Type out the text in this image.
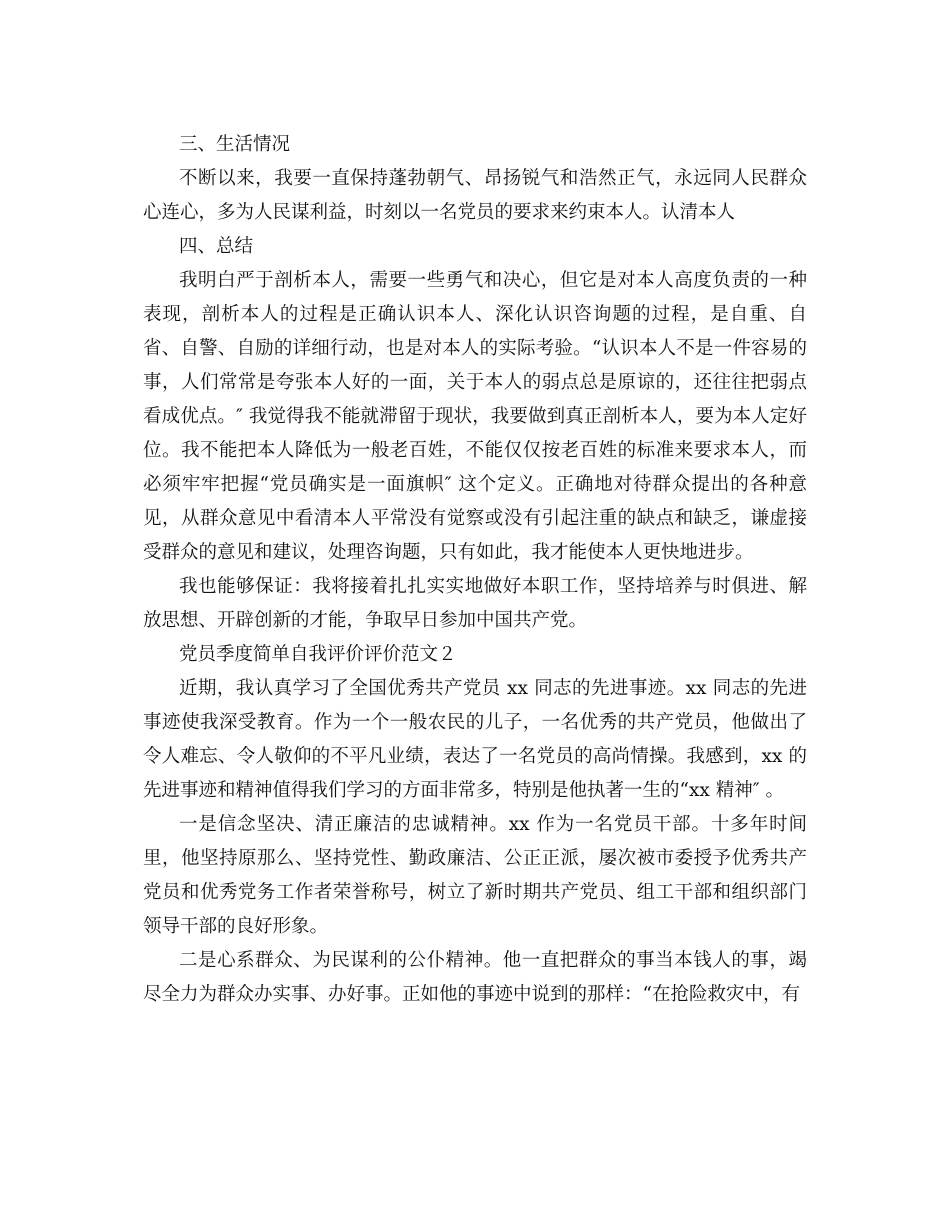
三、生活情况

不断以来，我要一直保持蓬勃朝气、昂扬锐气和浩然正气，永远同人民群众心连心，多为人民谋利益，时刻以一名党员的要求来约束本人。认清本人

四、总结

我明白严于剖析本人，需要一些勇气和决心，但它是对本人高度负责的一种表现，剖析本人的过程是正确认识本人、深化认识咨询题的过程，是自重、自省、自警、自励的详细行动，也是对本人的实际考验。“认识本人不是一件容易的事，人们常常是夸张本人好的一面，关于本人的弱点总是原谅的，还往往把弱点看成优点。″ 我觉得我不能就滞留于现状，我要做到真正剖析本人，要为本人定好位。我不能把本人降低为一般老百姓，不能仅仅按老百姓的标准来要求本人，而必须牢牢把握“党员确实是一面旗帜″ 这个定义。正确地对待群众提出的各种意见，从群众意见中看清本人平常没有觉察或没有引起注重的缺点和缺乏，谦虚接受群众的意见和建议，处理咨询题，只有如此，我才能使本人更快地进步。

我也能够保证：我将接着扎扎实实地做好本职工作，坚持培养与时俱进、解放思想、开辟创新的才能，争取早日参加中国共产党。

党员季度简单自我评价评价范文２

近期，我认真学习了全国优秀共产党员 xx 同志的先进事迹。xx 同志的先进事迹使我深受教育。作为一个一般农民的儿子，一名优秀的共产党员，他做出了令人难忘、令人敬仰的不平凡业绩，表达了一名党员的高尚情操。我感到，xx 的先进事迹和精神值得我们学习的方面非常多，特别是他执著一生的“xx 精神″ 。

一是信念坚决、清正廉洁的忠诚精神。xx 作为一名党员干部。十多年时间里，他坚持原那么、坚持党性、勤政廉洁、公正正派，屡次被市委授予优秀共产党员和优秀党务工作者荣誉称号，树立了新时期共产党员、组工干部和组织部门领导干部的良好形象。

二是心系群众、为民谋利的公仆精神。他一直把群众的事当本钱人的事，竭尽全力为群众办实事、办好事。正如他的事迹中说到的那样：“在抢险救灾中，有
